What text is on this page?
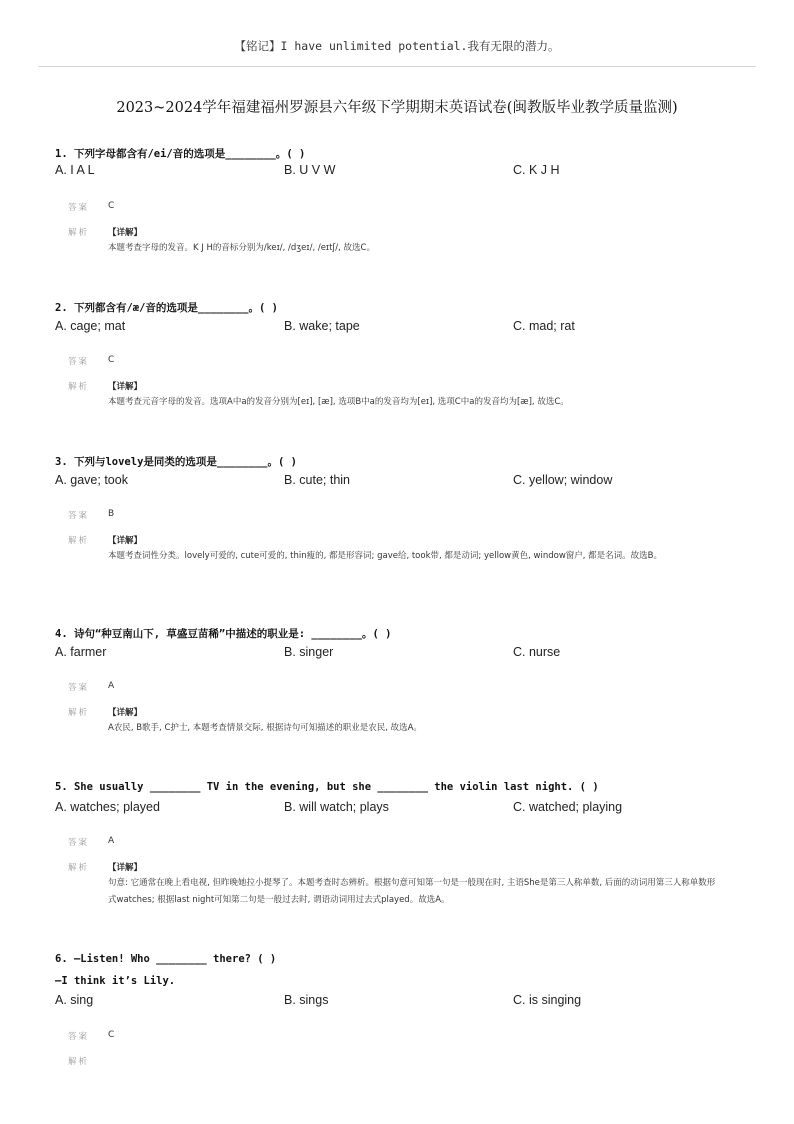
【铭记】I have unlimited potential.我有无限的潜力。
2023~2024学年福建福州罗源县六年级下学期期末英语试卷(闽教版毕业教学质量监测)
1. 下列字母都含有/ei/音的选项是________。( )
A. I A L	B. U V W	C. K J H
答案 C
解析 【详解】
本题考查字母的发音。K J H的音标分别为/keɪ/, /dʒeɪ/, /eɪtʃ/, 故选C。
2. 下列都含有/æ/音的选项是________。( )
A. cage; mat	B. wake; tape	C. mad; rat
答案 C
解析 【详解】
本题考查元音字母的发音。选项A中a的发音分别为[eɪ], [æ], 选项B中a的发音均为[eɪ], 选项C中a的发音均为[æ], 故选C。
3. 下列与lovely是同类的选项是________。( )
A. gave; took	B. cute; thin	C. yellow; window
答案 B
解析 【详解】
本题考查词性分类。lovely可爱的, cute可爱的, thin瘦的, 都是形容词; gave给, took带, 都是动词; yellow黄色, window窗户, 都是名词。故选B。
4. 诗句“种豆南山下, 草盛豆苗稀”中描述的职业是: ________。( )
A. farmer	B. singer	C. nurse
答案 A
解析 【详解】
A农民, B歌手, C护士, 本题考查情景交际, 根据诗句可知描述的职业是农民, 故选A。
5. She usually ________ TV in the evening, but she ________ the violin last night. ( )
A. watches; played	B. will watch; plays	C. watched; playing
答案 A
解析 【详解】
句意: 它通常在晚上看电视, 但昨晚她拉小提琴了。本题考查时态辨析。根据句意可知第一句是一般现在时, 主语She是第三人称单数, 后面的动词用第三人称单数形式watches; 根据last night可知第二句是一般过去时, 谓语动词用过去式played。故选A。
6. —Listen! Who ________ there? ( )
—I think it’s Lily.
A. sing	B. sings	C. is singing
答案 C
解析
